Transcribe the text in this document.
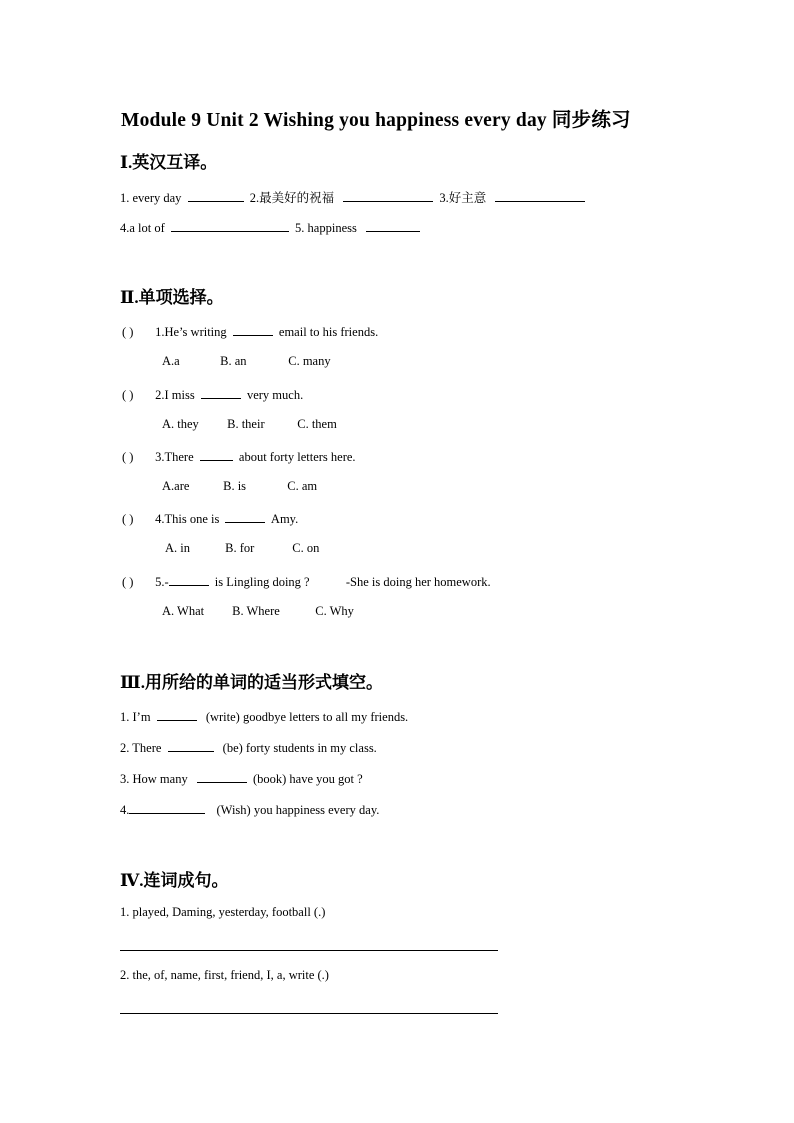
Module 9 Unit 2 Wishing you happiness every day 同步练习
Ⅰ.英汉互译。
1. every day	2.最美好的祝福	3.好主意
4.a lot of	5. happiness
Ⅱ.单项选择。
( ) 1.He’s writing	email to his friends.
A.a	B. an	C. many
( ) 2.I miss	very much.
A. they B. their	C. them
( ) 3.There	about forty letters here.
A.are	B. is	C. am
( ) 4.This one is	Amy.
A. in	B. for	C. on
( ) 5.-	is Lingling doing ?	-She is doing her homework.
A. What B. Where	C. Why
Ⅲ.用所给的单词的适当形式填空。
1. I’m	(write) goodbye letters to all my friends.
2. There	(be) forty students in my class.
3. How many	(book) have you got ?
4.	(Wish) you happiness every day.
Ⅳ.连词成句。
1. played, Daming, yesterday, football (.)
2. the, of, name, first, friend, I, a, write (.)
